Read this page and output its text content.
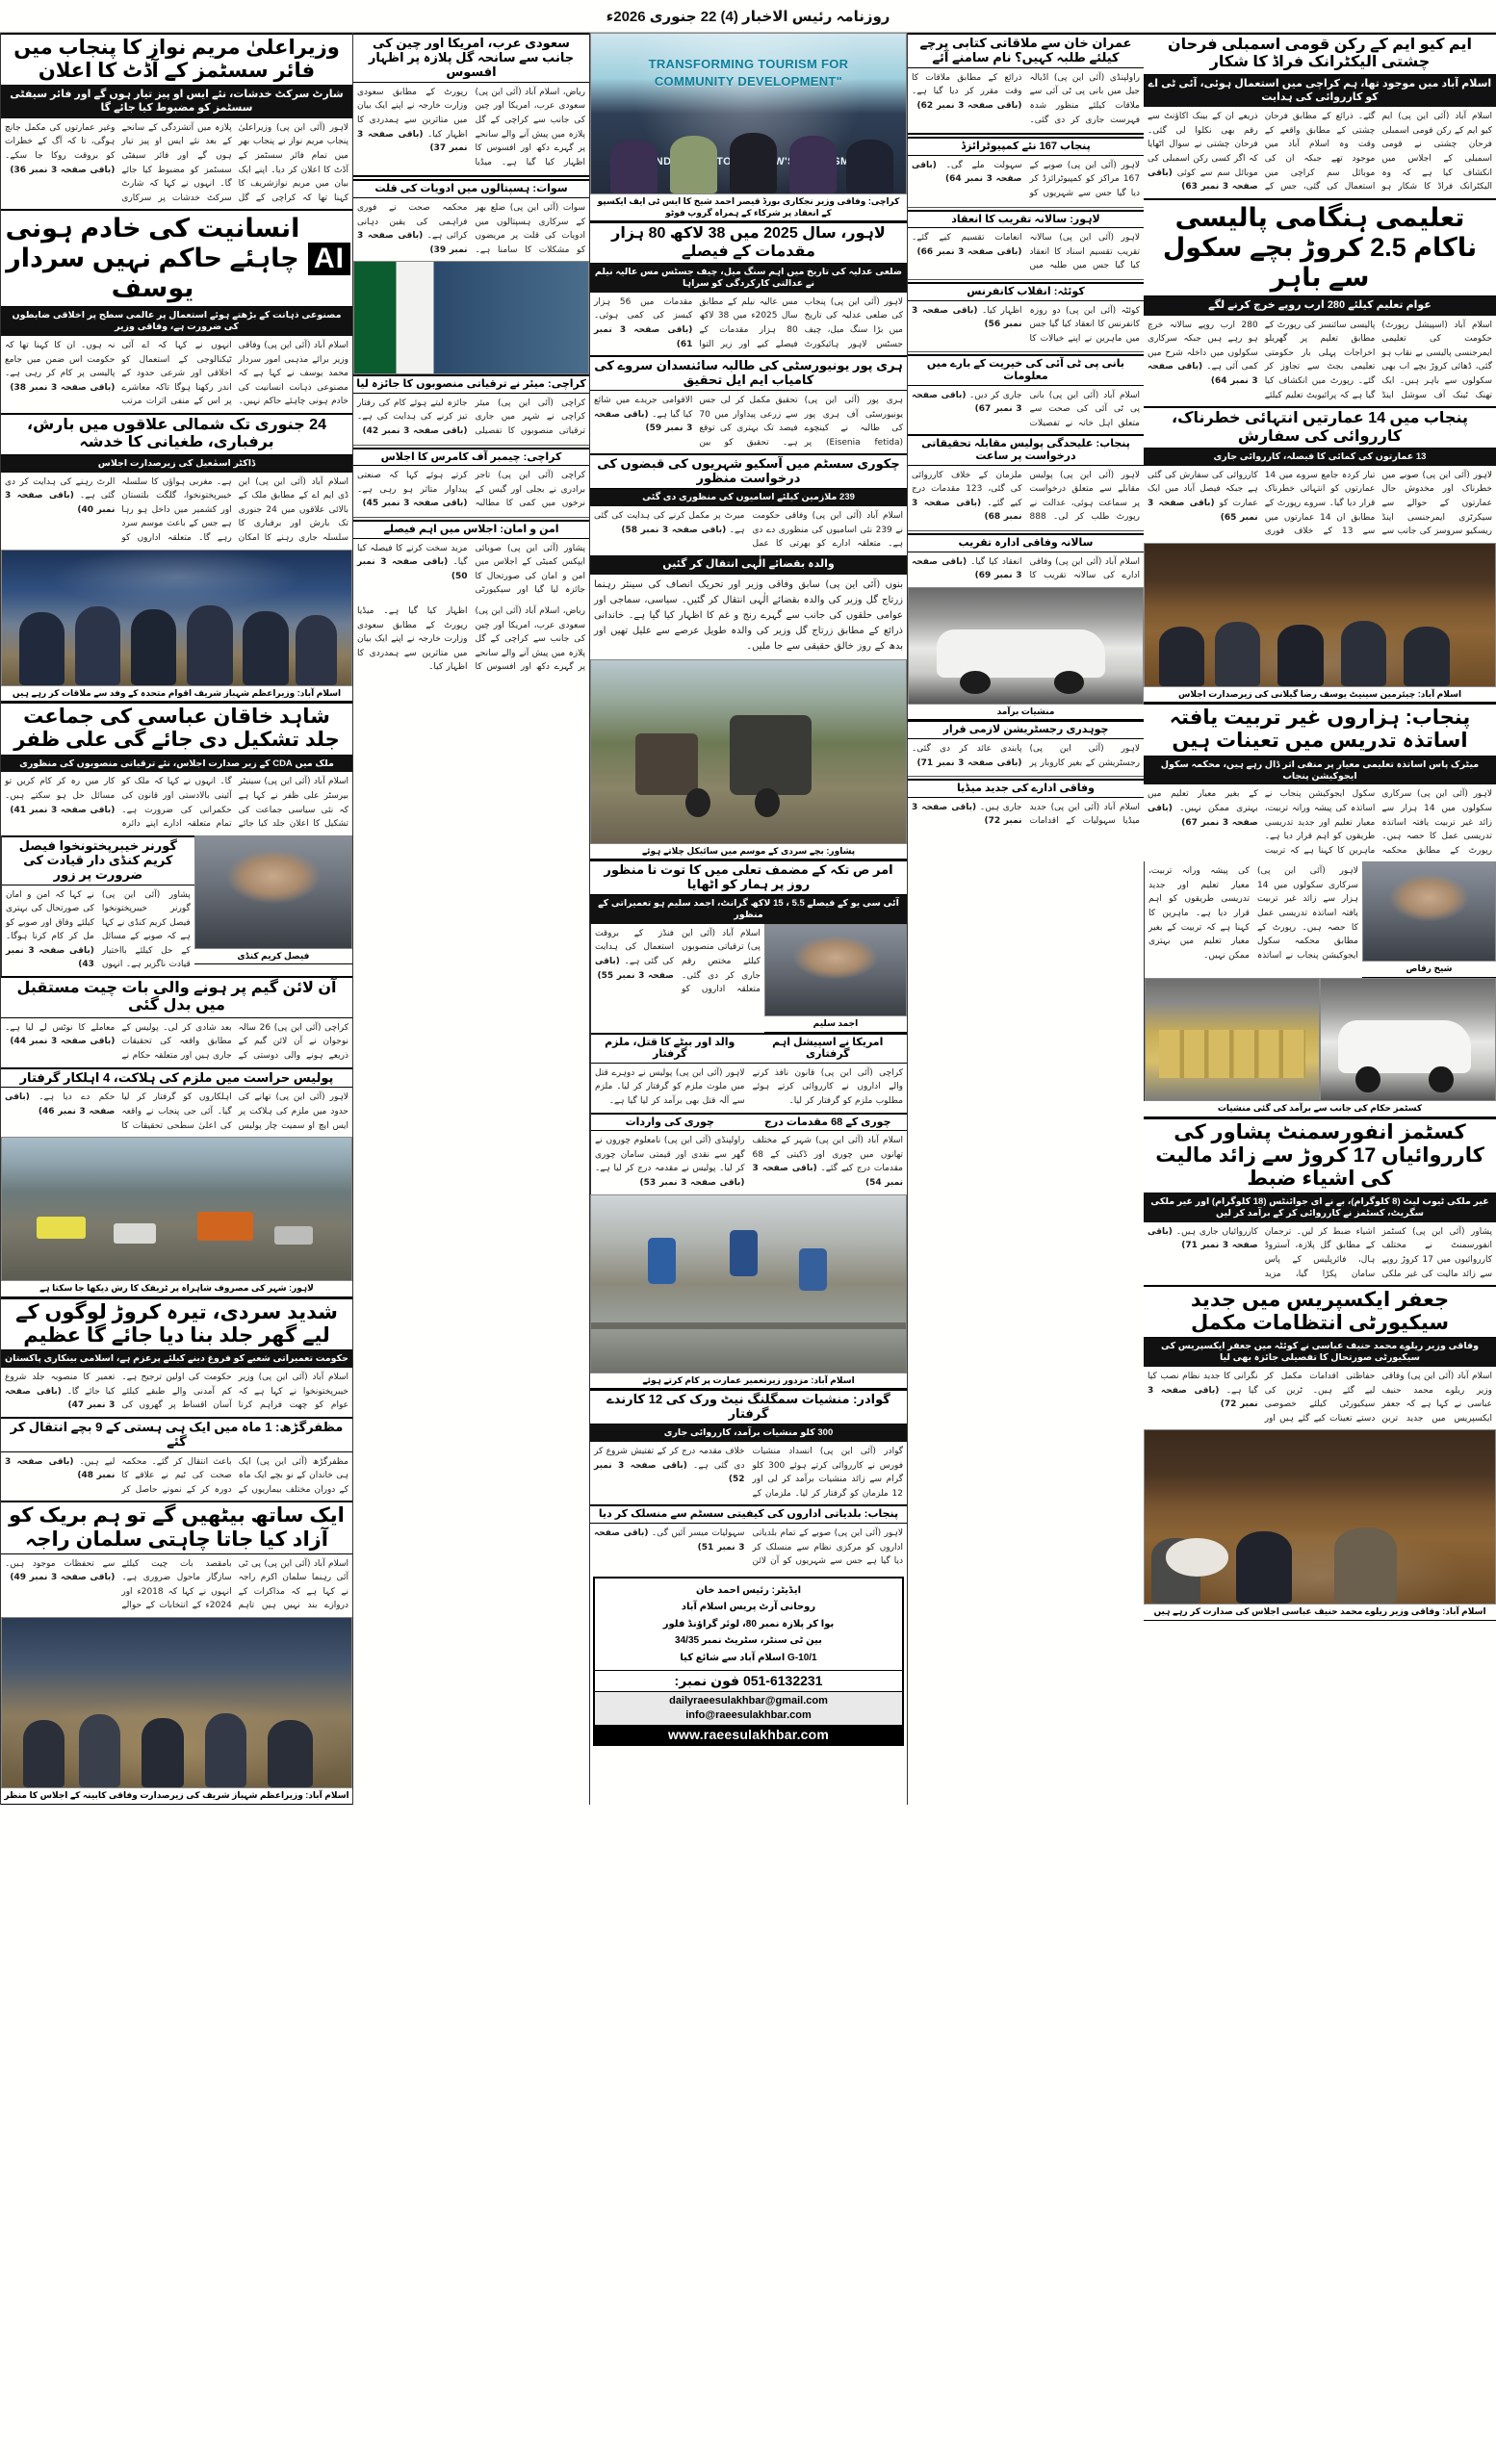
روزنامہ رئیس الاخبار (4) 22 جنوری 2026ء
وزیراعلیٰ مریم نواز کا پنجاب میں فائر سسٹمز کے آڈٹ کا اعلان
شارٹ سرکٹ خدشات، نئے ایس او پیز تیار ہوں گے اور فائر سیفٹی سسٹمز کو مضبوط کیا جائے گا
لاہور (آئی این پی) وزیراعلیٰ پنجاب مریم نواز نے پنجاب بھر میں تمام فائر سسٹمز کے آڈٹ کا اعلان کر دیا۔ اپنے ایک بیان میں مریم نوازشریف کا کہنا تھا کہ کراچی کے گل پلازہ میں آتشزدگی کے سانحے کے بعد نئے ایس او پیز تیار ہوں گے اور فائر سیفٹی سسٹمز کو مضبوط کیا جائے گا۔ انہوں نے کہا کہ شارٹ سرکٹ خدشات پر سرکاری وغیر عمارتوں کی مکمل جانچ ہوگی، تا کہ آگ کے خطرات کو بروقت روکا جا سکے۔ (باقی صفحہ 3 نمبر 36)
AI
انسانیت کی خادم ہونی چاہئے حاکم نہیں سردار یوسف
مصنوعی ذہانت کے بڑھتے ہوئے استعمال پر عالمی سطح پر اخلاقی ضابطوں کی ضرورت ہے، وفاقی وزیر
اسلام آباد (آئی این پی) وفاقی وزیر برائے مذہبی امور سردار محمد یوسف نے کہا ہے کہ مصنوعی ذہانت انسانیت کی خادم ہونی چاہئے حاکم نہیں۔ انہوں نے کہا کہ اے آئی ٹیکنالوجی کے استعمال کو اخلاقی اور شرعی حدود کے اندر رکھنا ہوگا تاکہ معاشرے پر اس کے منفی اثرات مرتب نہ ہوں۔ ان کا کہنا تھا کہ حکومت اس ضمن میں جامع پالیسی پر کام کر رہی ہے۔ (باقی صفحہ 3 نمبر 38)
24 جنوری تک شمالی علاقوں میں بارش، برفباری، طغیانی کا خدشہ
ڈاکٹر اسمٰعیل کی زیرصدارت اجلاس
اسلام آباد (آئی این پی) این ڈی ایم اے کے مطابق ملک کے بالائی علاقوں میں 24 جنوری تک بارش اور برفباری کا سلسلہ جاری رہنے کا امکان ہے۔ مغربی ہواؤں کا سلسلہ خیبرپختونخوا، گلگت بلتستان اور کشمیر میں داخل ہو رہا ہے جس کے باعث موسم سرد رہے گا۔ متعلقہ اداروں کو الرٹ رہنے کی ہدایت کر دی گئی ہے۔ (باقی صفحہ 3 نمبر 40)
اسلام آباد: وزیراعظم شہباز شریف اقوام متحدہ کے وفد سے ملاقات کر رہے ہیں
شاہد خاقان عباسی کی جماعت جلد تشکیل دی جائے گی علی ظفر
ملک میں CDA کے زیر صدارت اجلاس، نئے ترقیاتی منصوبوں کی منظوری
اسلام آباد (آئی این پی) سینیٹر بیرسٹر علی ظفر نے کہا ہے کہ نئی سیاسی جماعت کی تشکیل کا اعلان جلد کیا جائے گا۔ انہوں نے کہا کہ ملک کو آئینی بالادستی اور قانون کی حکمرانی کی ضرورت ہے۔ تمام متعلقہ ادارے اپنے دائرہ کار میں رہ کر کام کریں تو مسائل حل ہو سکتے ہیں۔ (باقی صفحہ 3 نمبر 41)
گورنر خیبرپختونخوا فیصل کریم کنڈی دار قیادت کی ضرورت پر زور
پشاور (آئی این پی) گورنر خیبرپختونخوا فیصل کریم کنڈی نے کہا ہے کہ صوبے کے مسائل کے حل کیلئے بااختیار قیادت ناگزیر ہے۔ انہوں نے کہا کہ امن و امان کی صورتحال کی بہتری کیلئے وفاق اور صوبے کو مل کر کام کرنا ہوگا۔ (باقی صفحہ 3 نمبر 43)
فیصل کریم کنڈی
آن لائن گیم پر ہونے والی بات چیت مستقبل میں بدل گئی
کراچی (آئی این پی) 26 سالہ نوجوان نے آن لائن گیم کے ذریعے ہونے والی دوستی کے بعد شادی کر لی۔ پولیس کے مطابق واقعہ کی تحقیقات جاری ہیں اور متعلقہ حکام نے معاملے کا نوٹس لے لیا ہے۔ (باقی صفحہ 3 نمبر 44)
پولیس حراست میں ملزم کی ہلاکت، 4 اہلکار گرفتار
لاہور (آئی این پی) تھانے کی حدود میں ملزم کی ہلاکت پر ایس ایچ او سمیت چار پولیس اہلکاروں کو گرفتار کر لیا گیا۔ آئی جی پنجاب نے واقعہ کی اعلیٰ سطحی تحقیقات کا حکم دے دیا ہے۔ (باقی صفحہ 3 نمبر 46)
لاہور: شہر کی مصروف شاہراہ پر ٹریفک کا رش دیکھا جا سکتا ہے
شدید سردی، تیرہ کروڑ لوگوں کے لیے گھر جلد بنا دیا جائے گا عظیم
حکومت تعمیراتی شعبے کو فروغ دینے کیلئے پرعزم ہے، اسلامی بینکاری پاکستان
اسلام آباد (آئی این پی) وزیر خیبرپختونخوا نے کہا ہے کہ عوام کو چھت فراہم کرنا حکومت کی اولین ترجیح ہے۔ کم آمدنی والے طبقے کیلئے آسان اقساط پر گھروں کی تعمیر کا منصوبہ جلد شروع کیا جائے گا۔ (باقی صفحہ 3 نمبر 47)
مظفرگڑھ: 1 ماہ میں ایک ہی ہستی کے 9 بچے انتقال کر گئے
مظفرگڑھ (آئی این پی) ایک ہی خاندان کے نو بچے ایک ماہ کے دوران مختلف بیماریوں کے باعث انتقال کر گئے۔ محکمہ صحت کی ٹیم نے علاقے کا دورہ کر کے نمونے حاصل کر لیے ہیں۔ (باقی صفحہ 3 نمبر 48)
ایک ساتھ بیٹھیں گے تو ہم بریک کو آزاد کیا جاتا چاہتی سلمان راجہ
اسلام آباد (آئی این پی) پی ٹی آئی رہنما سلمان اکرم راجہ نے کہا ہے کہ مذاکرات کے دروازے بند نہیں ہیں تاہم بامقصد بات چیت کیلئے سازگار ماحول ضروری ہے۔ انہوں نے کہا کہ 2018ء اور 2024ء کے انتخابات کے حوالے سے تحفظات موجود ہیں۔ (باقی صفحہ 3 نمبر 49)
اسلام آباد: وزیراعظم شہباز شریف کی زیرصدارت وفاقی کابینہ کے اجلاس کا منظر
سعودی عرب، امریکا اور چین کی جانب سے سانحہ گل پلازہ پر اظہار افسوس
ریاض، اسلام آباد (آئی این پی) سعودی عرب، امریکا اور چین کی جانب سے کراچی کے گل پلازہ میں پیش آنے والے سانحے پر گہرے دکھ اور افسوس کا اظہار کیا گیا ہے۔ میڈیا رپورٹ کے مطابق سعودی وزارت خارجہ نے اپنے ایک بیان میں متاثرین سے ہمدردی کا اظہار کیا۔ (باقی صفحہ 3 نمبر 37)
سوات: ہسپتالوں میں ادویات کی قلت
سوات (آئی این پی) ضلع بھر کے سرکاری ہسپتالوں میں ادویات کی قلت پر مریضوں کو مشکلات کا سامنا ہے۔ محکمہ صحت نے فوری فراہمی کی یقین دہانی کرائی ہے۔ (باقی صفحہ 3 نمبر 39)
کراچی: میئر نے ترقیاتی منصوبوں کا جائزہ لیا
کراچی (آئی این پی) میئر کراچی نے شہر میں جاری ترقیاتی منصوبوں کا تفصیلی جائزہ لیتے ہوئے کام کی رفتار تیز کرنے کی ہدایت کی ہے۔ (باقی صفحہ 3 نمبر 42)
کراچی: چیمبر آف کامرس کا اجلاس
کراچی (آئی این پی) تاجر برادری نے بجلی اور گیس کے نرخوں میں کمی کا مطالبہ کرتے ہوئے کہا کہ صنعتی پیداوار متاثر ہو رہی ہے۔ (باقی صفحہ 3 نمبر 45)
امن و امان: اجلاس میں اہم فیصلے
پشاور (آئی این پی) صوبائی ایپکس کمیٹی کے اجلاس میں امن و امان کی صورتحال کا جائزہ لیا گیا اور سیکیورٹی مزید سخت کرنے کا فیصلہ کیا گیا۔ (باقی صفحہ 3 نمبر 50)
ریاض، اسلام آباد (آئی این پی) سعودی عرب، امریکا اور چین کی جانب سے کراچی کے گل پلازہ میں پیش آنے والے سانحے پر گہرے دکھ اور افسوس کا اظہار کیا گیا ہے۔ میڈیا رپورٹ کے مطابق سعودی وزارت خارجہ نے اپنے ایک بیان میں متاثرین سے ہمدردی کا اظہار کیا۔
TRANSFORMING TOURISM FOR
COMMUNITY DEVELOPMENT"
AND
کراچی: وفاقی وزیر نجکاری بورڈ قیصر احمد شیخ کا ایس ٹی ایف ایکسپو کے انعقاد پر شرکاء کے ہمراہ گروپ فوٹو
لاہور، سال 2025 میں 38 لاکھ 80 ہزار مقدمات کے فیصلے
ضلعی عدلیہ کی تاریخ میں اہم سنگ میل، چیف جسٹس مس عالیہ نیلم نے عدالتی کارکردگی کو سراہا
لاہور (آئی این پی) پنجاب کی ضلعی عدلیہ کی تاریخ میں بڑا سنگ میل، چیف جسٹس لاہور ہائیکورٹ مس عالیہ نیلم کے مطابق سال 2025ء میں 38 لاکھ 80 ہزار مقدمات کے فیصلے کیے اور زیر التوا مقدمات میں 56 ہزار کیسز کی کمی ہوئی۔ (باقی صفحہ 3 نمبر 61)
ہری پور یونیورسٹی کی طالبہ سائنسدان سروے کی کامیاب ایم ایل تحقیق
ہری پور (آئی این پی) یونیورسٹی آف ہری پور کی طالبہ نے کینچوے (Eisenia fetida) پر تحقیق مکمل کر لی جس سے زرعی پیداوار میں 70 فیصد تک بہتری کی توقع ہے۔ تحقیق کو بین الاقوامی جریدے میں شائع کیا گیا ہے۔ (باقی صفحہ 3 نمبر 59)
چکوری سسٹم میں آسکیو شہریوں کی قبضوں کی درخواست منظور
239 ملازمین کیلئے اسامیوں کی منظوری دی گئی
اسلام آباد (آئی این پی) وفاقی حکومت نے 239 نئی اسامیوں کی منظوری دے دی ہے۔ متعلقہ ادارے کو بھرتی کا عمل میرٹ پر مکمل کرنے کی ہدایت کی گئی ہے۔ (باقی صفحہ 3 نمبر 58)
والدہ بقضائے الٰہی انتقال کر گئیں
بنوں (آئی این پی) سابق وفاقی وزیر اور تحریک انصاف کی سینئر رہنما زرتاج گل وزیر کی والدہ بقضائے الٰہی انتقال کر گئیں۔ سیاسی، سماجی اور عوامی حلقوں کی جانب سے گہرے رنج و غم کا اظہار کیا گیا ہے۔ خاندانی ذرائع کے مطابق زرتاج گل وزیر کی والدہ طویل عرصے سے علیل تھیں اور بدھ کے روز خالق حقیقی سے جا ملیں۔
پشاور: بچے سردی کے موسم میں سائیکل چلاتے ہوئے
امر ص تکہ کے مضمف تعلی میں کا توت نا منظور روز پر ہمار کو اٹھایا
آئی سی یو کے فیصلے 5.5 ، 15 لاکھ گرانٹ، اجمد سلیم ہو تعمیراتی کے منظور
اسلام آباد (آئی این پی) ترقیاتی منصوبوں کیلئے مختص رقم جاری کر دی گئی۔ متعلقہ اداروں کو فنڈز کے بروقت استعمال کی ہدایت کی گئی ہے۔ (باقی صفحہ 3 نمبر 55)
اجمد سلیم
والد اور بیٹے کا قتل، ملزم گرفتار
لاہور (آئی این پی) پولیس نے دوہرے قتل میں ملوث ملزم کو گرفتار کر لیا۔ ملزم سے آلہ قتل بھی برآمد کر لیا گیا ہے۔
چوری کی واردات
راولپنڈی (آئی این پی) نامعلوم چوروں نے گھر سے نقدی اور قیمتی سامان چوری کر لیا۔ پولیس نے مقدمہ درج کر لیا ہے۔ (باقی صفحہ 3 نمبر 53)
امریکا نے اسپیشل اہم گرفتاری
کراچی (آئی این پی) قانون نافذ کرنے والے اداروں نے کارروائی کرتے ہوئے مطلوب ملزم کو گرفتار کر لیا۔
چوری کے 68 مقدمات درج
اسلام آباد (آئی این پی) شہر کے مختلف تھانوں میں چوری اور ڈکیتی کے 68 مقدمات درج کیے گئے۔ (باقی صفحہ 3 نمبر 54)
اسلام آباد: مزدور زیرتعمیر عمارت پر کام کرتے ہوئے
گوادر: منشیات سمگلنگ نیٹ ورک کی 12 کارندے گرفتار
300 کلو منشیات برآمد، کارروائی جاری
گوادر (آئی این پی) انسداد منشیات فورس نے کارروائی کرتے ہوئے 300 کلو گرام سے زائد منشیات برآمد کر لی اور 12 ملزمان کو گرفتار کر لیا۔ ملزمان کے خلاف مقدمہ درج کر کے تفتیش شروع کر دی گئی ہے۔ (باقی صفحہ 3 نمبر 52)
پنجاب: بلدیاتی اداروں کی کیفیتی سسٹم سے منسلک کر دیا
لاہور (آئی این پی) صوبے کے تمام بلدیاتی اداروں کو مرکزی نظام سے منسلک کر دیا گیا ہے جس سے شہریوں کو آن لائن سہولیات میسر آئیں گی۔ (باقی صفحہ 3 نمبر 51)
ایڈیٹر: رئیس احمد خان
روحانی آرٹ پریس اسلام آباد
بوا کر پلازہ نمبر 80، لوئر گراؤنڈ فلور
بین ٹی سنٹر، سٹریٹ نمبر 34/35
G-10/1 اسلام آباد سے شائع کیا
051-6132231 فون نمبر:
dailyraeesulakhbar@gmail.com
info@raeesulakhbar.com
www.raeesulakhbar.com
عمران خان سے ملاقاتی کتابی پرچے کیلئے طلبہ کہیں؟ نام سامنے آئے
راولپنڈی (آئی این پی) اڈیالہ جیل میں بانی پی ٹی آئی سے ملاقات کیلئے منظور شدہ فہرست جاری کر دی گئی۔ ذرائع کے مطابق ملاقات کا وقت مقرر کر دیا گیا ہے۔ (باقی صفحہ 3 نمبر 62)
پنجاب 167 نئے کمپیوٹرائزڈ
لاہور (آئی این پی) صوبے کے 167 مراکز کو کمپیوٹرائزڈ کر دیا گیا جس سے شہریوں کو سہولت ملے گی۔ (باقی صفحہ 3 نمبر 64)
لاہور: سالانہ تقریب کا انعقاد
لاہور (آئی این پی) سالانہ تقریب تقسیم اسناد کا انعقاد کیا گیا جس میں طلبہ میں انعامات تقسیم کیے گئے۔ (باقی صفحہ 3 نمبر 66)
کوئٹہ: انقلاب کانفرنس
کوئٹہ (آئی این پی) دو روزہ کانفرنس کا انعقاد کیا گیا جس میں ماہرین نے اپنے خیالات کا اظہار کیا۔ (باقی صفحہ 3 نمبر 56)
بانی پی ٹی آئی کی خیریت کے بارے میں معلومات
اسلام آباد (آئی این پی) بانی پی ٹی آئی کی صحت سے متعلق اہل خانہ نے تفصیلات جاری کر دیں۔ (باقی صفحہ 3 نمبر 67)
پنجاب: علیحدگی پولیس مقابلہ تحقیقاتی درخواست پر ساعت
لاہور (آئی این پی) پولیس مقابلے سے متعلق درخواست پر سماعت ہوئی، عدالت نے رپورٹ طلب کر لی۔ 888 ملزمان کے خلاف کارروائی کی گئی، 123 مقدمات درج کیے گئے۔ (باقی صفحہ 3 نمبر 68)
سالانہ وفاقی ادارہ تقریب
اسلام آباد (آئی این پی) وفاقی ادارے کی سالانہ تقریب کا انعقاد کیا گیا۔ (باقی صفحہ 3 نمبر 69)
منشیات برآمد
چوہدری رجسٹریشن لازمی قرار
لاہور (آئی این پی) رجسٹریشن کے بغیر کاروبار پر پابندی عائد کر دی گئی۔ (باقی صفحہ 3 نمبر 71)
وفاقی ادارے کی جدید میڈیا
اسلام آباد (آئی این پی) جدید میڈیا سہولیات کے اقدامات جاری ہیں۔ (باقی صفحہ 3 نمبر 72)
ایم کیو ایم کے رکن قومی اسمبلی فرحان چشتی الیکٹرانک فراڈ کا شکار
اسلام آباد میں موجود تھا، ہم کراچی میں استعمال ہوئی، آئی ٹی اے کو کارروائی کی ہدایت
اسلام آباد (آئی این پی) ایم کیو ایم کے رکن قومی اسمبلی فرحان چشتی نے قومی اسمبلی کے اجلاس میں انکشاف کیا ہے کہ وہ الیکٹرانک فراڈ کا شکار ہو گئے۔ ذرائع کے مطابق فرحان چشتی کے مطابق واقعے کے وقت وہ اسلام آباد میں موجود تھے جبکہ ان کی موبائل سم کراچی میں استعمال کی گئی، جس کے ذریعے ان کے بینک اکاؤنٹ سے رقم بھی نکلوا لی گئی۔ فرحان چشتی نے سوال اٹھایا کہ اگر کسی رکن اسمبلی کی موبائل سم سے کوئی (باقی صفحہ 3 نمبر 63)
تعلیمی ہنگامی پالیسی ناکام 2.5 کروڑ بچے سکول سے باہر
عوام تعلیم کیلئے 280 ارب روپے خرچ کرنے لگے
اسلام آباد (اسپیشل رپورٹ) حکومت کی تعلیمی ایمرجنسی پالیسی بے نقاب ہو گئی، ڈھائی کروڑ بچے اب بھی سکولوں سے باہر ہیں۔ ایک تھنک ٹینک آف سوشل اینڈ پالیسی سائنسز کی رپورٹ کے مطابق تعلیم پر گھریلو اخراجات پہلی بار حکومتی تعلیمی بجٹ سے تجاوز کر گئے۔ رپورٹ میں انکشاف کیا گیا ہے کہ پرائیویٹ تعلیم کیلئے 280 ارب روپے سالانہ خرچ ہو رہے ہیں جبکہ سرکاری سکولوں میں داخلہ شرح میں کمی آئی ہے۔ (باقی صفحہ 3 نمبر 64)
پنجاب میں 14 عمارتیں انتہائی خطرناک، کارروائی کی سفارش
13 عمارتوں کی کمائی کا فیصلہ، کارروائی جاری
لاہور (آئی این پی) صوبے میں خطرناک اور مخدوش حال عمارتوں کے حوالے سے سیکرٹری ایمرجنسی اینڈ ریسکیو سروسز کی جانب سے تیار کردہ جامع سروے میں 14 عمارتوں کو انتہائی خطرناک قرار دیا گیا۔ سروے رپورٹ کے مطابق ان 14 عمارتوں میں سے 13 کے خلاف فوری کارروائی کی سفارش کی گئی ہے جبکہ فیصل آباد میں ایک عمارت کو (باقی صفحہ 3 نمبر 65)
اسلام آباد: چیئرمین سینیٹ یوسف رضا گیلانی کی زیرصدارت اجلاس
پنجاب: ہزاروں غیر تربیت یافتہ اساتذہ تدریس میں تعینات ہیں
میٹرک پاس اساتذہ تعلیمی معیار پر منفی اثر ڈال رہے ہیں، محکمہ سکول ایجوکیشن پنجاب
لاہور (آئی این پی) سرکاری سکولوں میں 14 ہزار سے زائد غیر تربیت یافتہ اساتذہ تدریسی عمل کا حصہ ہیں۔ رپورٹ کے مطابق محکمہ سکول ایجوکیشن پنجاب نے اساتذہ کی پیشہ ورانہ تربیت، معیار تعلیم اور جدید تدریسی طریقوں کو اہم قرار دیا ہے۔ ماہرین کا کہنا ہے کہ تربیت کے بغیر معیار تعلیم میں بہتری ممکن نہیں۔ (باقی صفحہ 3 نمبر 67)
لاہور (آئی این پی) سرکاری سکولوں میں 14 ہزار سے زائد غیر تربیت یافتہ اساتذہ تدریسی عمل کا حصہ ہیں۔ رپورٹ کے مطابق محکمہ سکول ایجوکیشن پنجاب نے اساتذہ کی پیشہ ورانہ تربیت، معیار تعلیم اور جدید تدریسی طریقوں کو اہم قرار دیا ہے۔ ماہرین کا کہنا ہے کہ تربیت کے بغیر معیار تعلیم میں بہتری ممکن نہیں۔
شیخ رقاص
کسٹمز حکام کی جانب سے برآمد کی گئی منشیات
کسٹمز انفورسمنٹ پشاور کی کارروائیاں 17 کروڑ سے زائد مالیت کی اشیاء ضبط
غیر ملکی ٹیوب لیٹ (8 کلوگرام)، بے نے ای جوائنٹس (18 کلوگرام) اور غیر ملکی سگریٹ، کسٹمز نے کارروائی کر کے برآمد کر لیں
پشاور (آئی این پی) کسٹمز انفورسمنٹ نے مختلف کارروائیوں میں 17 کروڑ روپے سے زائد مالیت کی غیر ملکی اشیاء ضبط کر لیں۔ ترجمان کے مطابق گل پلازہ، آستروڈ ہال، فائرپلیس کے پاس سامان پکڑا گیا، مزید کارروائیاں جاری ہیں۔ (باقی صفحہ 3 نمبر 71)
جعفر ایکسپریس میں جدید سیکیورٹی انتظامات مکمل
وفاقی وزیر ریلوے محمد حنیف عباسی نے کوئٹہ میں جعفر ایکسپریس کی سیکیورٹی صورتحال کا تفصیلی جائزہ بھی لیا
اسلام آباد (آئی این پی) وفاقی وزیر ریلوے محمد حنیف عباسی نے کہا ہے کہ جعفر ایکسپریس میں جدید ترین حفاظتی اقدامات مکمل کر لیے گئے ہیں۔ ٹرین کی سیکیورٹی کیلئے خصوصی دستے تعینات کیے گئے ہیں اور نگرانی کا جدید نظام نصب کیا گیا ہے۔ (باقی صفحہ 3 نمبر 72)
اسلام آباد: وفاقی وزیر ریلوے محمد حنیف عباسی اجلاس کی صدارت کر رہے ہیں
